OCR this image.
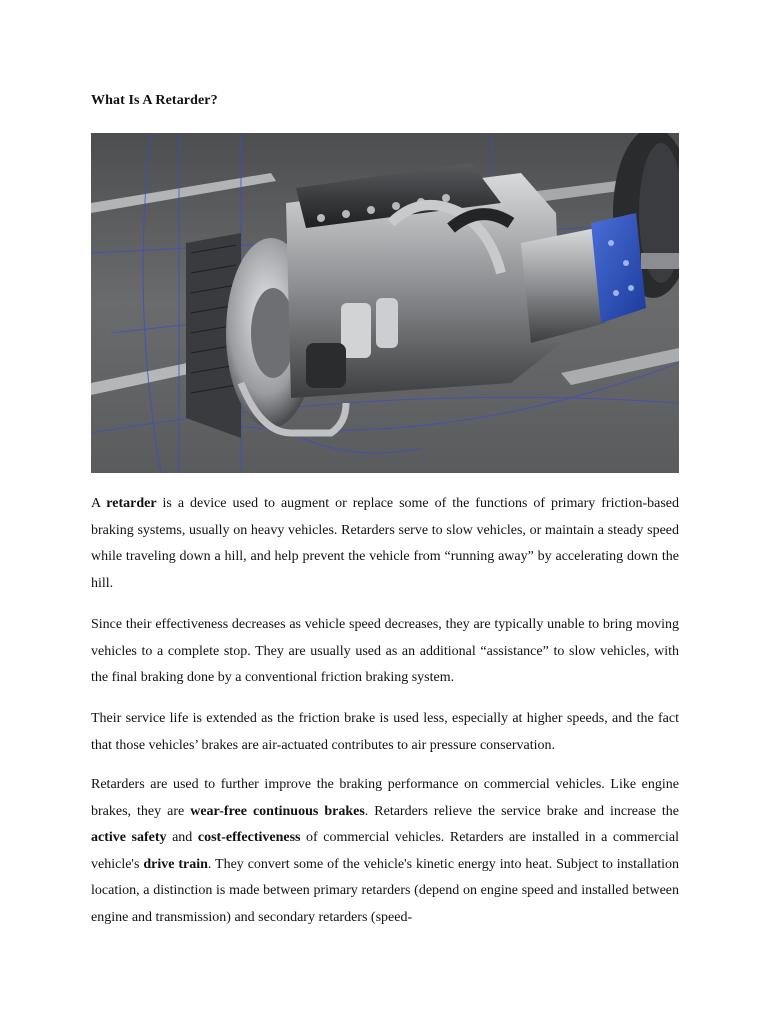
What Is A Retarder?
A retarder is a device used to augment or replace some of the functions of primary friction-based braking systems, usually on heavy vehicles. Retarders serve to slow vehicles, or maintain a steady speed while traveling down a hill, and help prevent the vehicle from “running away” by accelerating down the hill.
Since their effectiveness decreases as vehicle speed decreases, they are typically unable to bring moving vehicles to a complete stop. They are usually used as an additional “assistance” to slow vehicles, with the final braking done by a conventional friction braking system.
Their service life is extended as the friction brake is used less, especially at higher speeds, and the fact that those vehicles’ brakes are air-actuated contributes to air pressure conservation.
Retarders are used to further improve the braking performance on commercial vehicles. Like engine brakes, they are wear-free continuous brakes. Retarders relieve the service brake and increase the active safety and cost-effectiveness of commercial vehicles. Retarders are installed in a commercial vehicle's drive train. They convert some of the vehicle's kinetic energy into heat. Subject to installation location, a distinction is made between primary retarders (depend on engine speed and installed between engine and transmission) and secondary retarders (speed-
